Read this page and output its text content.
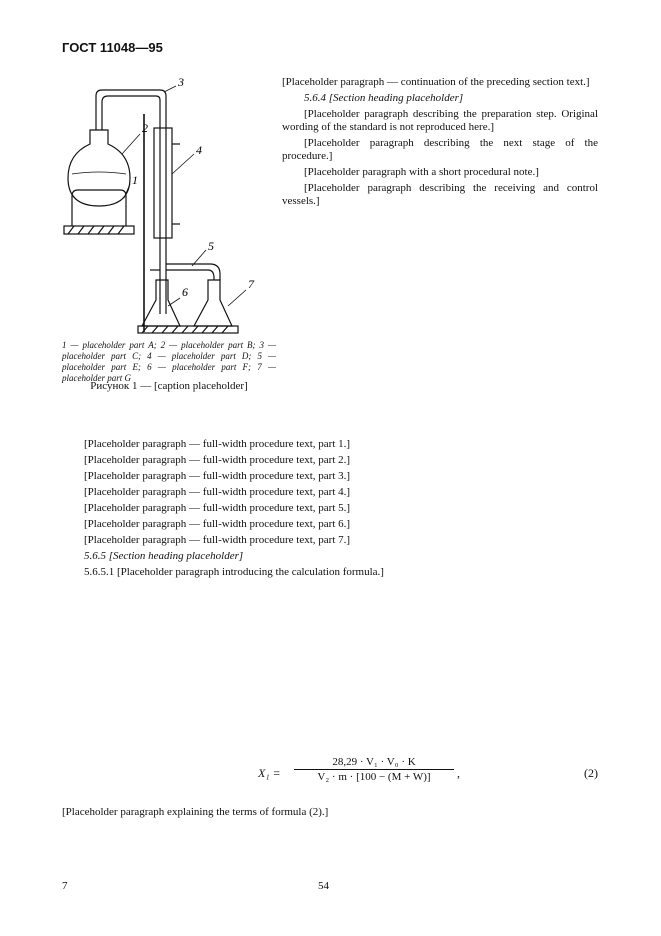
ГОСТ 11048—95
2
1
3
4
5
6
7
1 — placeholder part A; 2 — placeholder part B; 3 — placeholder part C; 4 — placeholder part D; 5 — placeholder part E; 6 — placeholder part F; 7 — placeholder part G
Рисунок 1 — [caption placeholder]

[Placeholder paragraph — continuation of the preceding section text.]

5.6.4 [Section heading placeholder]

[Placeholder paragraph describing the preparation step. Original wording of the standard is not reproduced here.]

[Placeholder paragraph describing the next stage of the procedure.]

[Placeholder paragraph with a short procedural note.]

[Placeholder paragraph describing the receiving and control vessels.]

[Placeholder paragraph — full-width procedure text, part 1.]

[Placeholder paragraph — full-width procedure text, part 2.]

[Placeholder paragraph — full-width procedure text, part 3.]

[Placeholder paragraph — full-width procedure text, part 4.]

[Placeholder paragraph — full-width procedure text, part 5.]

[Placeholder paragraph — full-width procedure text, part 6.]

[Placeholder paragraph — full-width procedure text, part 7.]

5.6.5 [Section heading placeholder]

5.6.5.1 [Placeholder paragraph introducing the calculation formula.]

$X_1 = \frac{\text{28,29 · V₁ · V₀ · K}}{\text{V₂ · m · [100 − (M + W)]}}$ ,	(2)
[Placeholder paragraph explaining the terms of formula (2).]
7	54
